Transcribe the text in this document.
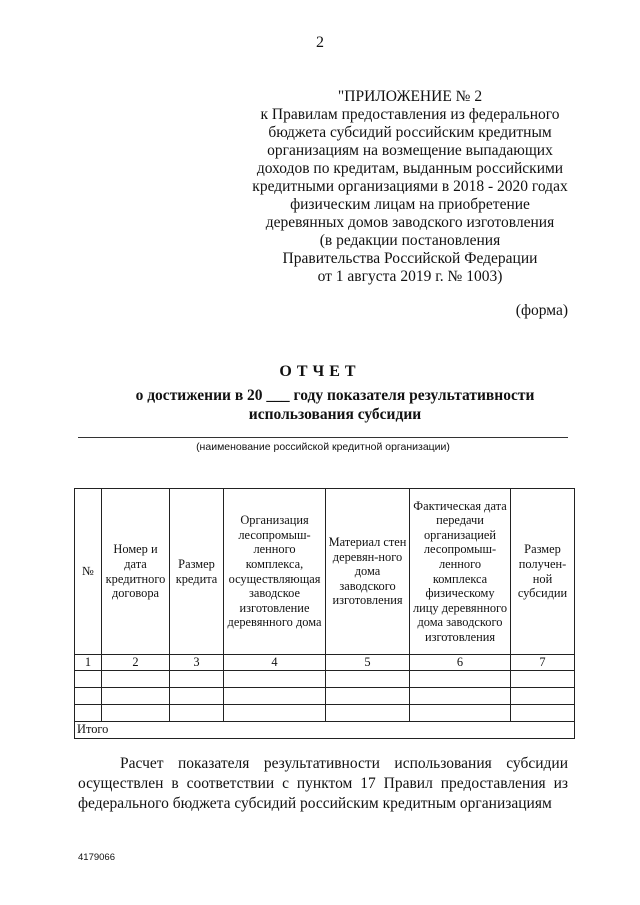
2
"ПРИЛОЖЕНИЕ № 2
к Правилам предоставления из федерального
бюджета субсидий российским кредитным
организациям на возмещение выпадающих
доходов по кредитам, выданным российскими
кредитными организациями в 2018 - 2020 годах
физическим лицам на приобретение
деревянных домов заводского изготовления
(в редакции постановления
Правительства Российской Федерации
от 1 августа 2019 г. № 1003)
(форма)
ОТЧЕТ
о достижении в 20 ___ году показателя результативности
использования субсидии
(наименование российской кредитной организации)
№	Номер и дата кредитного договора	Размер кредита	Организация лесопромыш-ленного комплекса, осуществляющая заводское изготовление деревянного дома	Материал стен деревян-ного дома заводского изготовления	Фактическая дата передачи организацией лесопромыш-ленного комплекса физическому лицу деревянного дома заводского изготовления	Размер получен-ной субсидии
1	2	3	4	5	6	7

Итого						
Расчет показателя результативности использования субсидии осуществлен в соответствии с пунктом 17 Правил предоставления из федерального бюджета субсидий российским кредитным организациям
4179066
